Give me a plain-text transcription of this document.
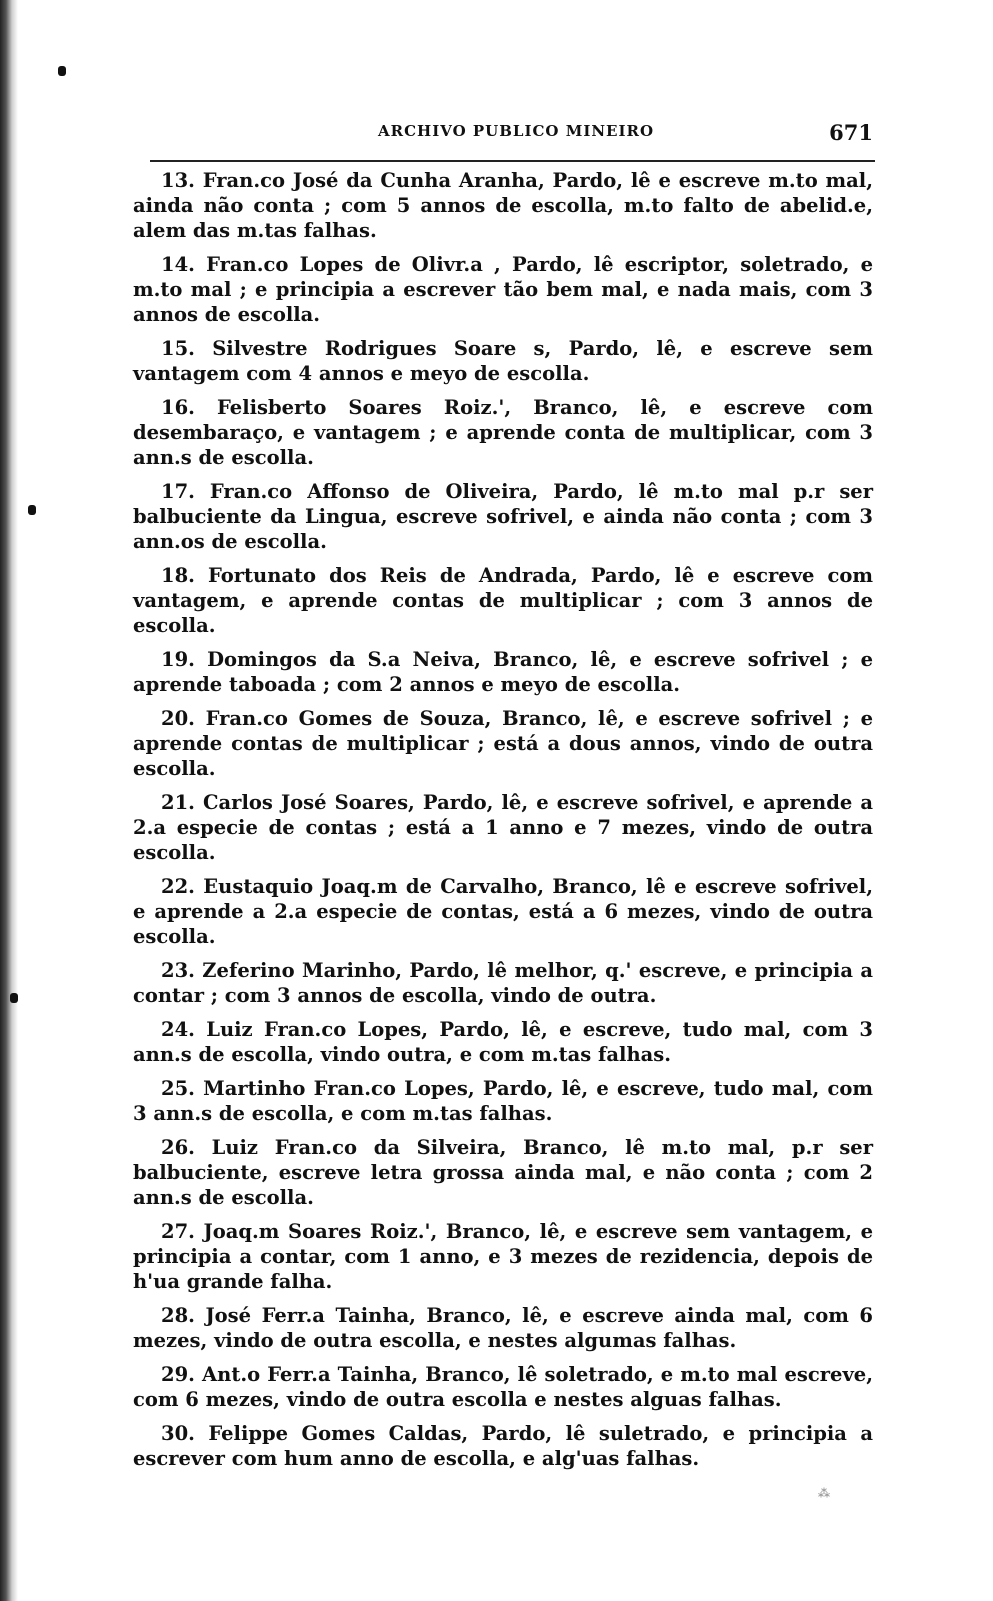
ARCHIVO PUBLICO MINEIRO	671

13. Fran.co José da Cunha Aranha, Pardo, lê e escreve m.to mal, ainda não conta ; com 5 annos de escolla, m.to falto de abelid.e, alem das m.tas falhas.

14. Fran.co Lopes de Olivr.a , Pardo, lê escriptor, soletrado, e m.to mal ; e principia a escrever tão bem mal, e nada mais, com 3 annos de escolla.

15. Silvestre Rodrigues Soare s, Pardo, lê, e escreve sem vantagem com 4 annos e meyo de escolla.

16. Felisberto Soares Roiz.', Branco, lê, e escreve com desembaraço, e vantagem ; e aprende conta de multiplicar, com 3 ann.s de escolla.

17. Fran.co Affonso de Oliveira, Pardo, lê m.to mal p.r ser balbuciente da Lingua, escreve sofrivel, e ainda não conta ; com 3 ann.os de escolla.

18. Fortunato dos Reis de Andrada, Pardo, lê e escreve com vantagem, e aprende contas de multiplicar ; com 3 annos de escolla.

19. Domingos da S.a Neiva, Branco, lê, e escreve sofrivel ; e aprende taboada ; com 2 annos e meyo de escolla.

20. Fran.co Gomes de Souza, Branco, lê, e escreve sofrivel ; e aprende contas de multiplicar ; está a dous annos, vindo de outra escolla.

21. Carlos José Soares, Pardo, lê, e escreve sofrivel, e aprende a 2.a especie de contas ; está a 1 anno e 7 mezes, vindo de outra escolla.

22. Eustaquio Joaq.m de Carvalho, Branco, lê e escreve sofrivel, e aprende a 2.a especie de contas, está a 6 mezes, vindo de outra escolla.

23. Zeferino Marinho, Pardo, lê melhor, q.' escreve, e principia a contar ; com 3 annos de escolla, vindo de outra.

24. Luiz Fran.co Lopes, Pardo, lê, e escreve, tudo mal, com 3 ann.s de escolla, vindo outra, e com m.tas falhas.

25. Martinho Fran.co Lopes, Pardo, lê, e escreve, tudo mal, com 3 ann.s de escolla, e com m.tas falhas.

26. Luiz Fran.co da Silveira, Branco, lê m.to mal, p.r ser balbuciente, escreve letra grossa ainda mal, e não conta ; com 2 ann.s de escolla.

27. Joaq.m Soares Roiz.', Branco, lê, e escreve sem vantagem, e principia a contar, com 1 anno, e 3 mezes de rezidencia, depois de h'ua grande falha.

28. José Ferr.a Tainha, Branco, lê, e escreve ainda mal, com 6 mezes, vindo de outra escolla, e nestes algumas falhas.

29. Ant.o Ferr.a Tainha, Branco, lê soletrado, e m.to mal escreve, com 6 mezes, vindo de outra escolla e nestes alguas falhas.

30. Felippe Gomes Caldas, Pardo, lê suletrado, e principia a escrever com hum anno de escolla, e alg'uas falhas.

⁂
